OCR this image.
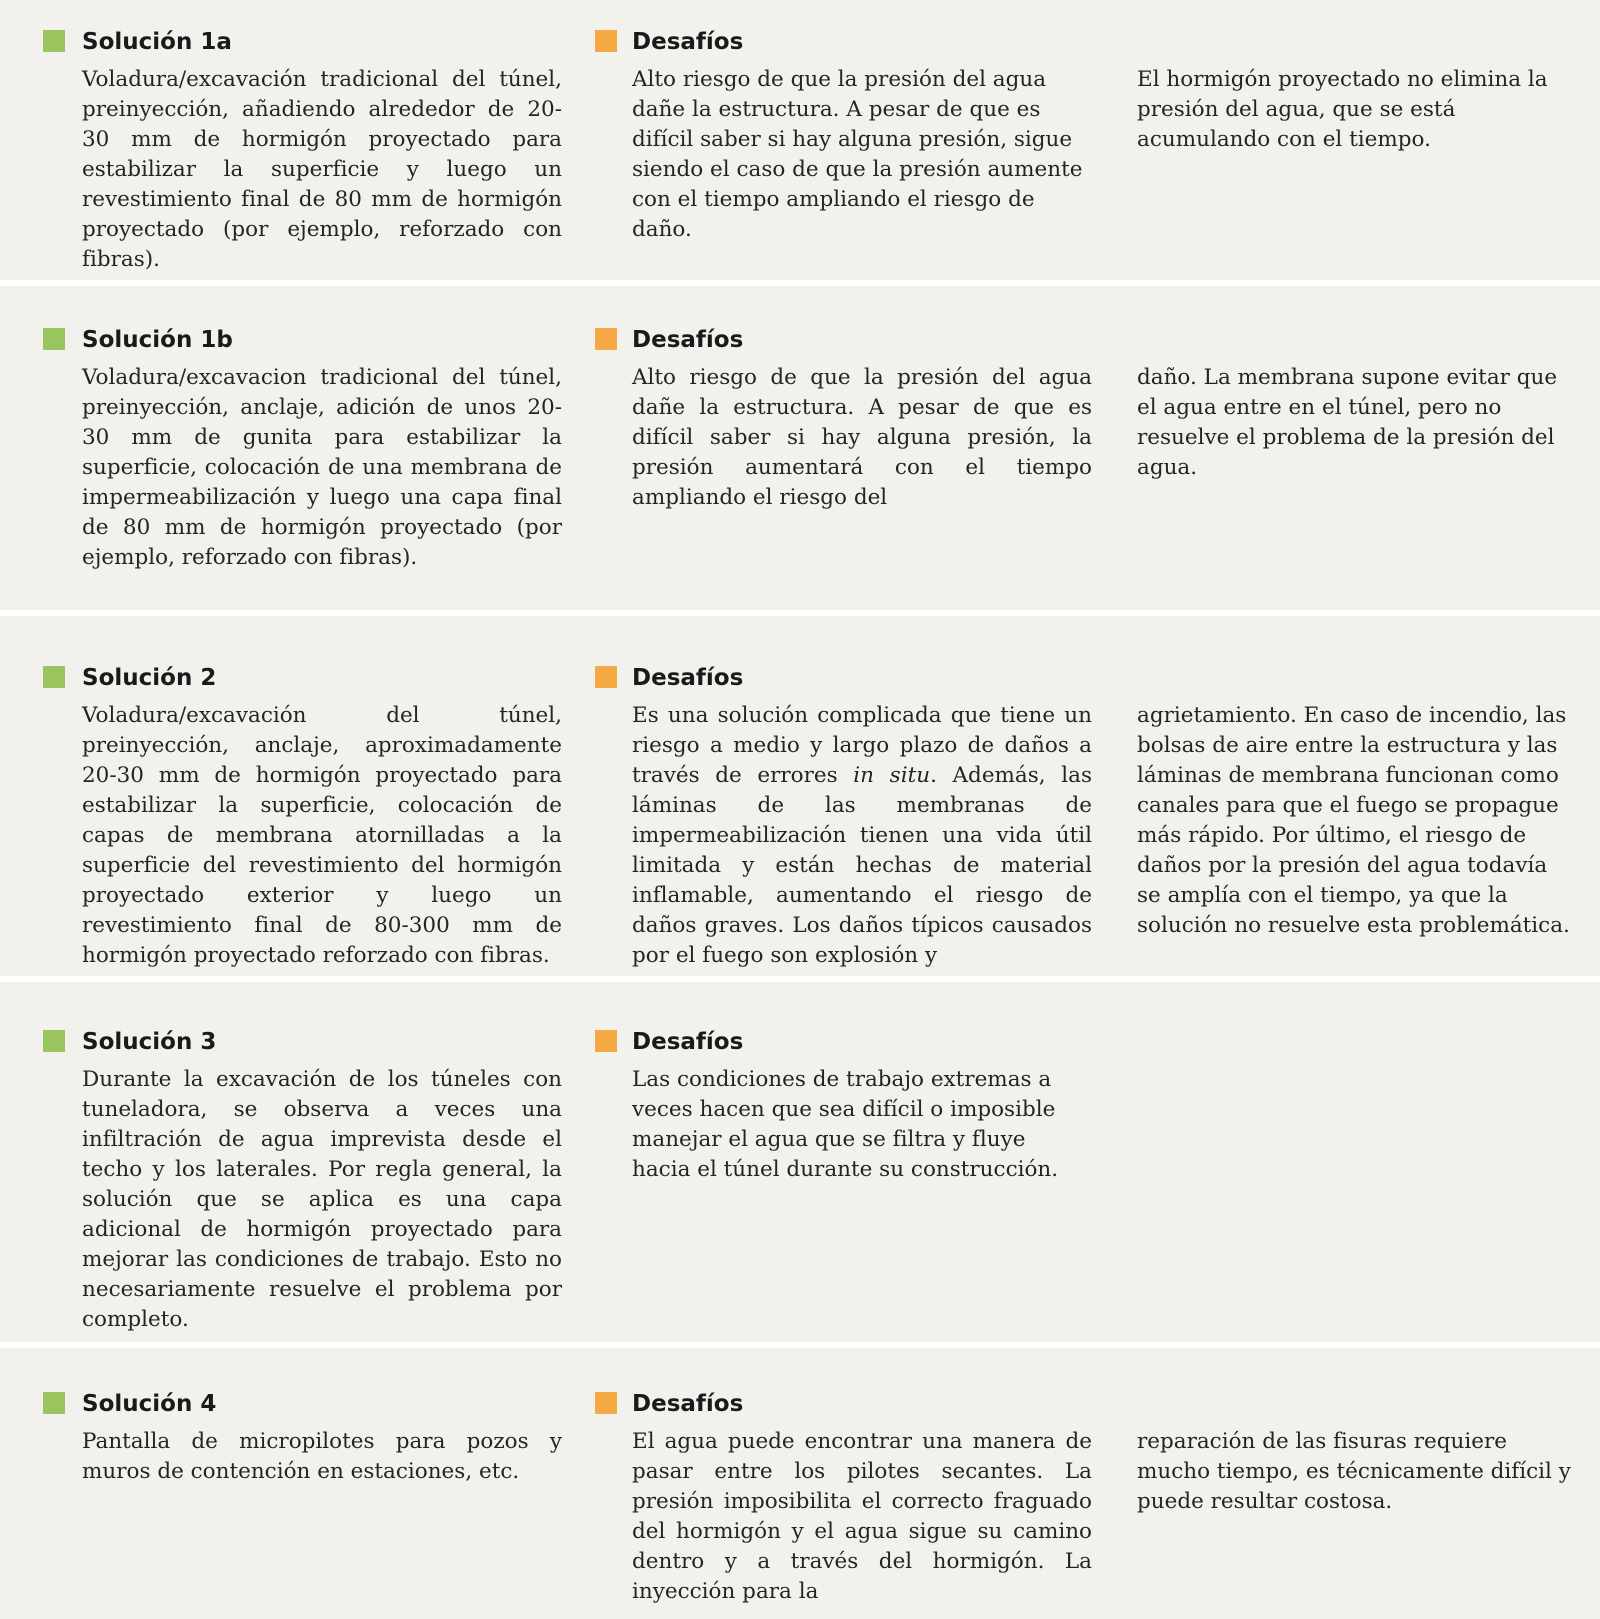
Solución 1a

Voladura/excavación tradicional del túnel, preinyección, añadiendo alrededor de 20-30 mm de hormigón proyectado para estabilizar la superficie y luego un revestimiento final de 80 mm de hormigón proyectado (por ejemplo, reforzado con fibras).

Desafíos

Alto riesgo de que la presión del agua dañe la estructura. A pesar de que es difícil saber si hay alguna presión, sigue siendo el caso de que la presión aumente con el tiempo ampliando el riesgo de daño.

El hormigón proyectado no elimina la presión del agua, que se está acumulando con el tiempo.

Solución 1b

Voladura/excavacion tradicional del túnel, preinyección, anclaje, adición de unos 20-30 mm de gunita para estabilizar la superficie, colocación de una membrana de impermeabilización y luego una capa final de 80 mm de hormigón proyectado (por ejemplo, reforzado con fibras).

Desafíos

Alto riesgo de que la presión del agua dañe la estructura. A pesar de que es difícil saber si hay alguna presión, la presión aumentará con el tiempo ampliando el riesgo del

daño. La membrana supone evitar que el agua entre en el túnel, pero no resuelve el problema de la presión del agua.

Solución 2

Voladura/excavación del túnel, preinyección, anclaje, aproximadamente 20-30 mm de hormigón proyectado para estabilizar la superficie, colocación de capas de membrana atornilladas a la superficie del revestimiento del hormigón proyectado exterior y luego un revestimiento final de 80-300 mm de hormigón proyectado reforzado con fibras.

Desafíos

Es una solución complicada que tiene un riesgo a medio y largo plazo de daños a través de errores in situ. Además, las láminas de las membranas de impermeabilización tienen una vida útil limitada y están hechas de material inflamable, aumentando el riesgo de daños graves. Los daños típicos causados por el fuego son explosión y

agrietamiento. En caso de incendio, las bolsas de aire entre la estructura y las láminas de membrana funcionan como canales para que el fuego se propague más rápido. Por último, el riesgo de daños por la presión del agua todavía se amplía con el tiempo, ya que la solución no resuelve esta problemática.

Solución 3

Durante la excavación de los túneles con tuneladora, se observa a veces una infiltración de agua imprevista desde el techo y los laterales. Por regla general, la solución que se aplica es una capa adicional de hormigón proyectado para mejorar las condiciones de trabajo. Esto no necesariamente resuelve el problema por completo.

Desafíos

Las condiciones de trabajo extremas a veces hacen que sea difícil o imposible manejar el agua que se filtra y fluye hacia el túnel durante su construcción.

Solución 4

Pantalla de micropilotes para pozos y muros de contención en estaciones, etc.

Desafíos

El agua puede encontrar una manera de pasar entre los pilotes secantes. La presión imposibilita el correcto fraguado del hormigón y el agua sigue su camino dentro y a través del hormigón. La inyección para la

reparación de las fisuras requiere mucho tiempo, es técnicamente difícil y puede resultar costosa.
